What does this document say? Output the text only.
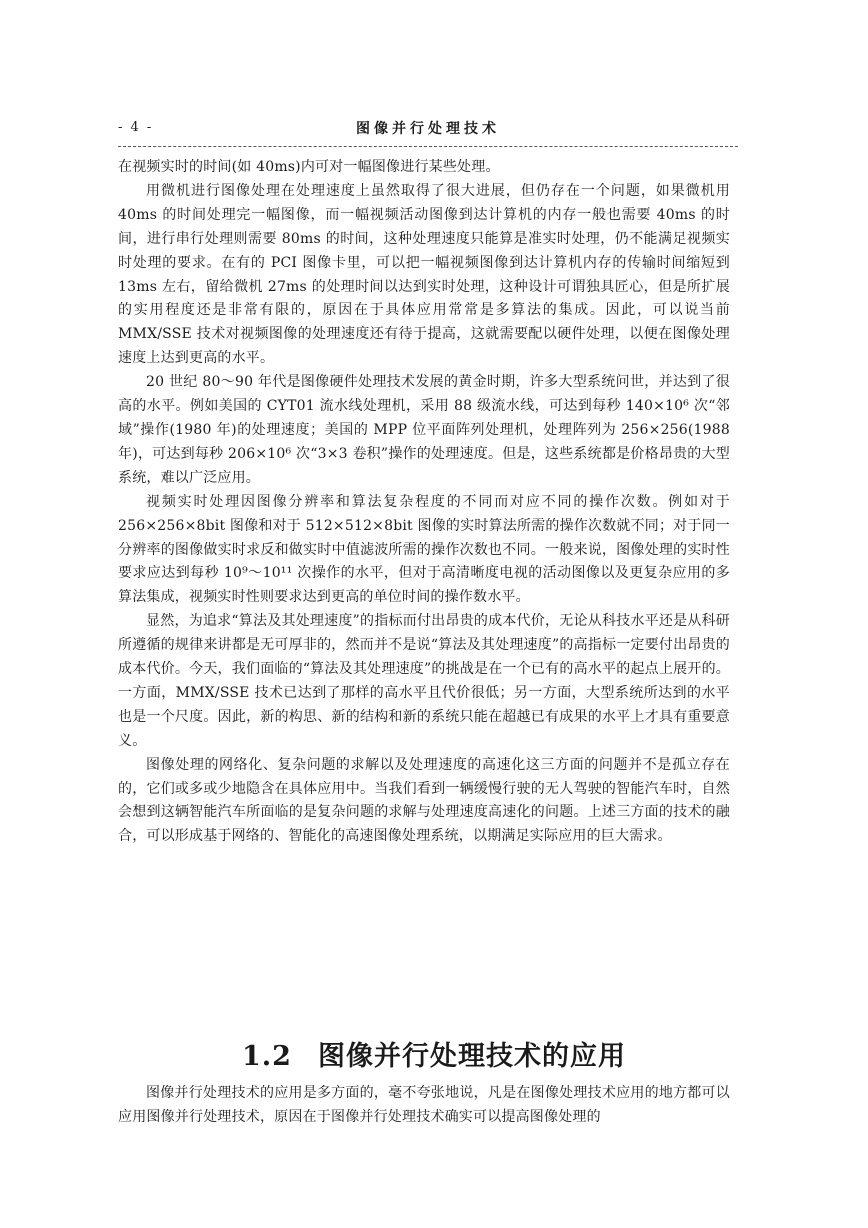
- 4 -	图像并行处理技术

在视频实时的时间(如 40ms)内可对一幅图像进行某些处理。

用微机进行图像处理在处理速度上虽然取得了很大进展，但仍存在一个问题，如果微机用 40ms 的时间处理完一幅图像，而一幅视频活动图像到达计算机的内存一般也需要 40ms 的时间，进行串行处理则需要 80ms 的时间，这种处理速度只能算是准实时处理，仍不能满足视频实时处理的要求。在有的 PCI 图像卡里，可以把一幅视频图像到达计算机内存的传输时间缩短到 13ms 左右，留给微机 27ms 的处理时间以达到实时处理，这种设计可谓独具匠心，但是所扩展的实用程度还是非常有限的，原因在于具体应用常常是多算法的集成。因此，可以说当前 MMX/SSE 技术对视频图像的处理速度还有待于提高，这就需要配以硬件处理，以便在图像处理速度上达到更高的水平。

20 世纪 80～90 年代是图像硬件处理技术发展的黄金时期，许多大型系统问世，并达到了很高的水平。例如美国的 CYT01 流水线处理机，采用 88 级流水线，可达到每秒 140×10⁶ 次“邻域”操作(1980 年)的处理速度；美国的 MPP 位平面阵列处理机，处理阵列为 256×256(1988 年)，可达到每秒 206×10⁶ 次“3×3 卷积”操作的处理速度。但是，这些系统都是价格昂贵的大型系统，难以广泛应用。

视频实时处理因图像分辨率和算法复杂程度的不同而对应不同的操作次数。例如对于 256×256×8bit 图像和对于 512×512×8bit 图像的实时算法所需的操作次数就不同；对于同一分辨率的图像做实时求反和做实时中值滤波所需的操作次数也不同。一般来说，图像处理的实时性要求应达到每秒 10⁹～10¹¹ 次操作的水平，但对于高清晰度电视的活动图像以及更复杂应用的多算法集成，视频实时性则要求达到更高的单位时间的操作数水平。

显然，为追求“算法及其处理速度”的指标而付出昂贵的成本代价，无论从科技水平还是从科研所遵循的规律来讲都是无可厚非的，然而并不是说“算法及其处理速度”的高指标一定要付出昂贵的成本代价。今天，我们面临的“算法及其处理速度”的挑战是在一个已有的高水平的起点上展开的。一方面，MMX/SSE 技术已达到了那样的高水平且代价很低；另一方面，大型系统所达到的水平也是一个尺度。因此，新的构思、新的结构和新的系统只能在超越已有成果的水平上才具有重要意义。

图像处理的网络化、复杂问题的求解以及处理速度的高速化这三方面的问题并不是孤立存在的，它们或多或少地隐含在具体应用中。当我们看到一辆缓慢行驶的无人驾驶的智能汽车时，自然会想到这辆智能汽车所面临的是复杂问题的求解与处理速度高速化的问题。上述三方面的技术的融合，可以形成基于网络的、智能化的高速图像处理系统，以期满足实际应用的巨大需求。

1.2 图像并行处理技术的应用

图像并行处理技术的应用是多方面的，毫不夸张地说，凡是在图像处理技术应用的地方都可以应用图像并行处理技术，原因在于图像并行处理技术确实可以提高图像处理的
